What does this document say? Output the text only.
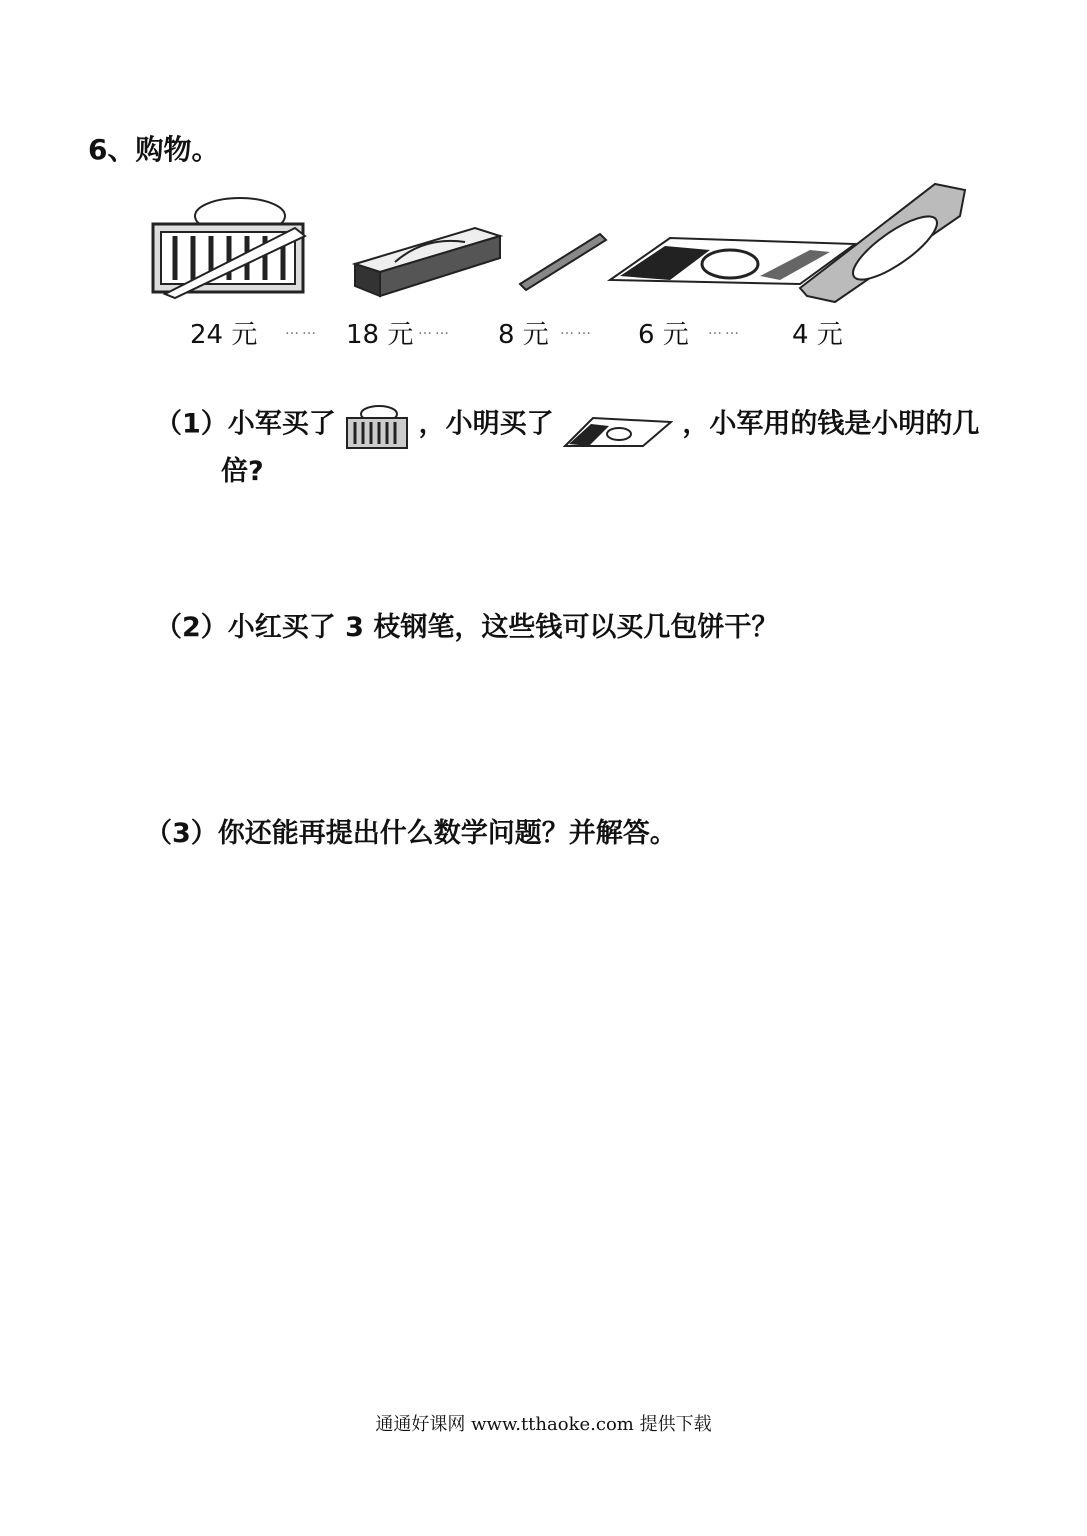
6、购物。
24 元 …… 18 元 …… 8 元 …… 6 元 …… 4 元
（1）小军买了	，小明买了	，小军用的钱是小明的几
倍?
（2）小红买了 3 枝钢笔，这些钱可以买几包饼干？
（3）你还能再提出什么数学问题？并解答。
通通好课网 www.tthaoke.com 提供下载
